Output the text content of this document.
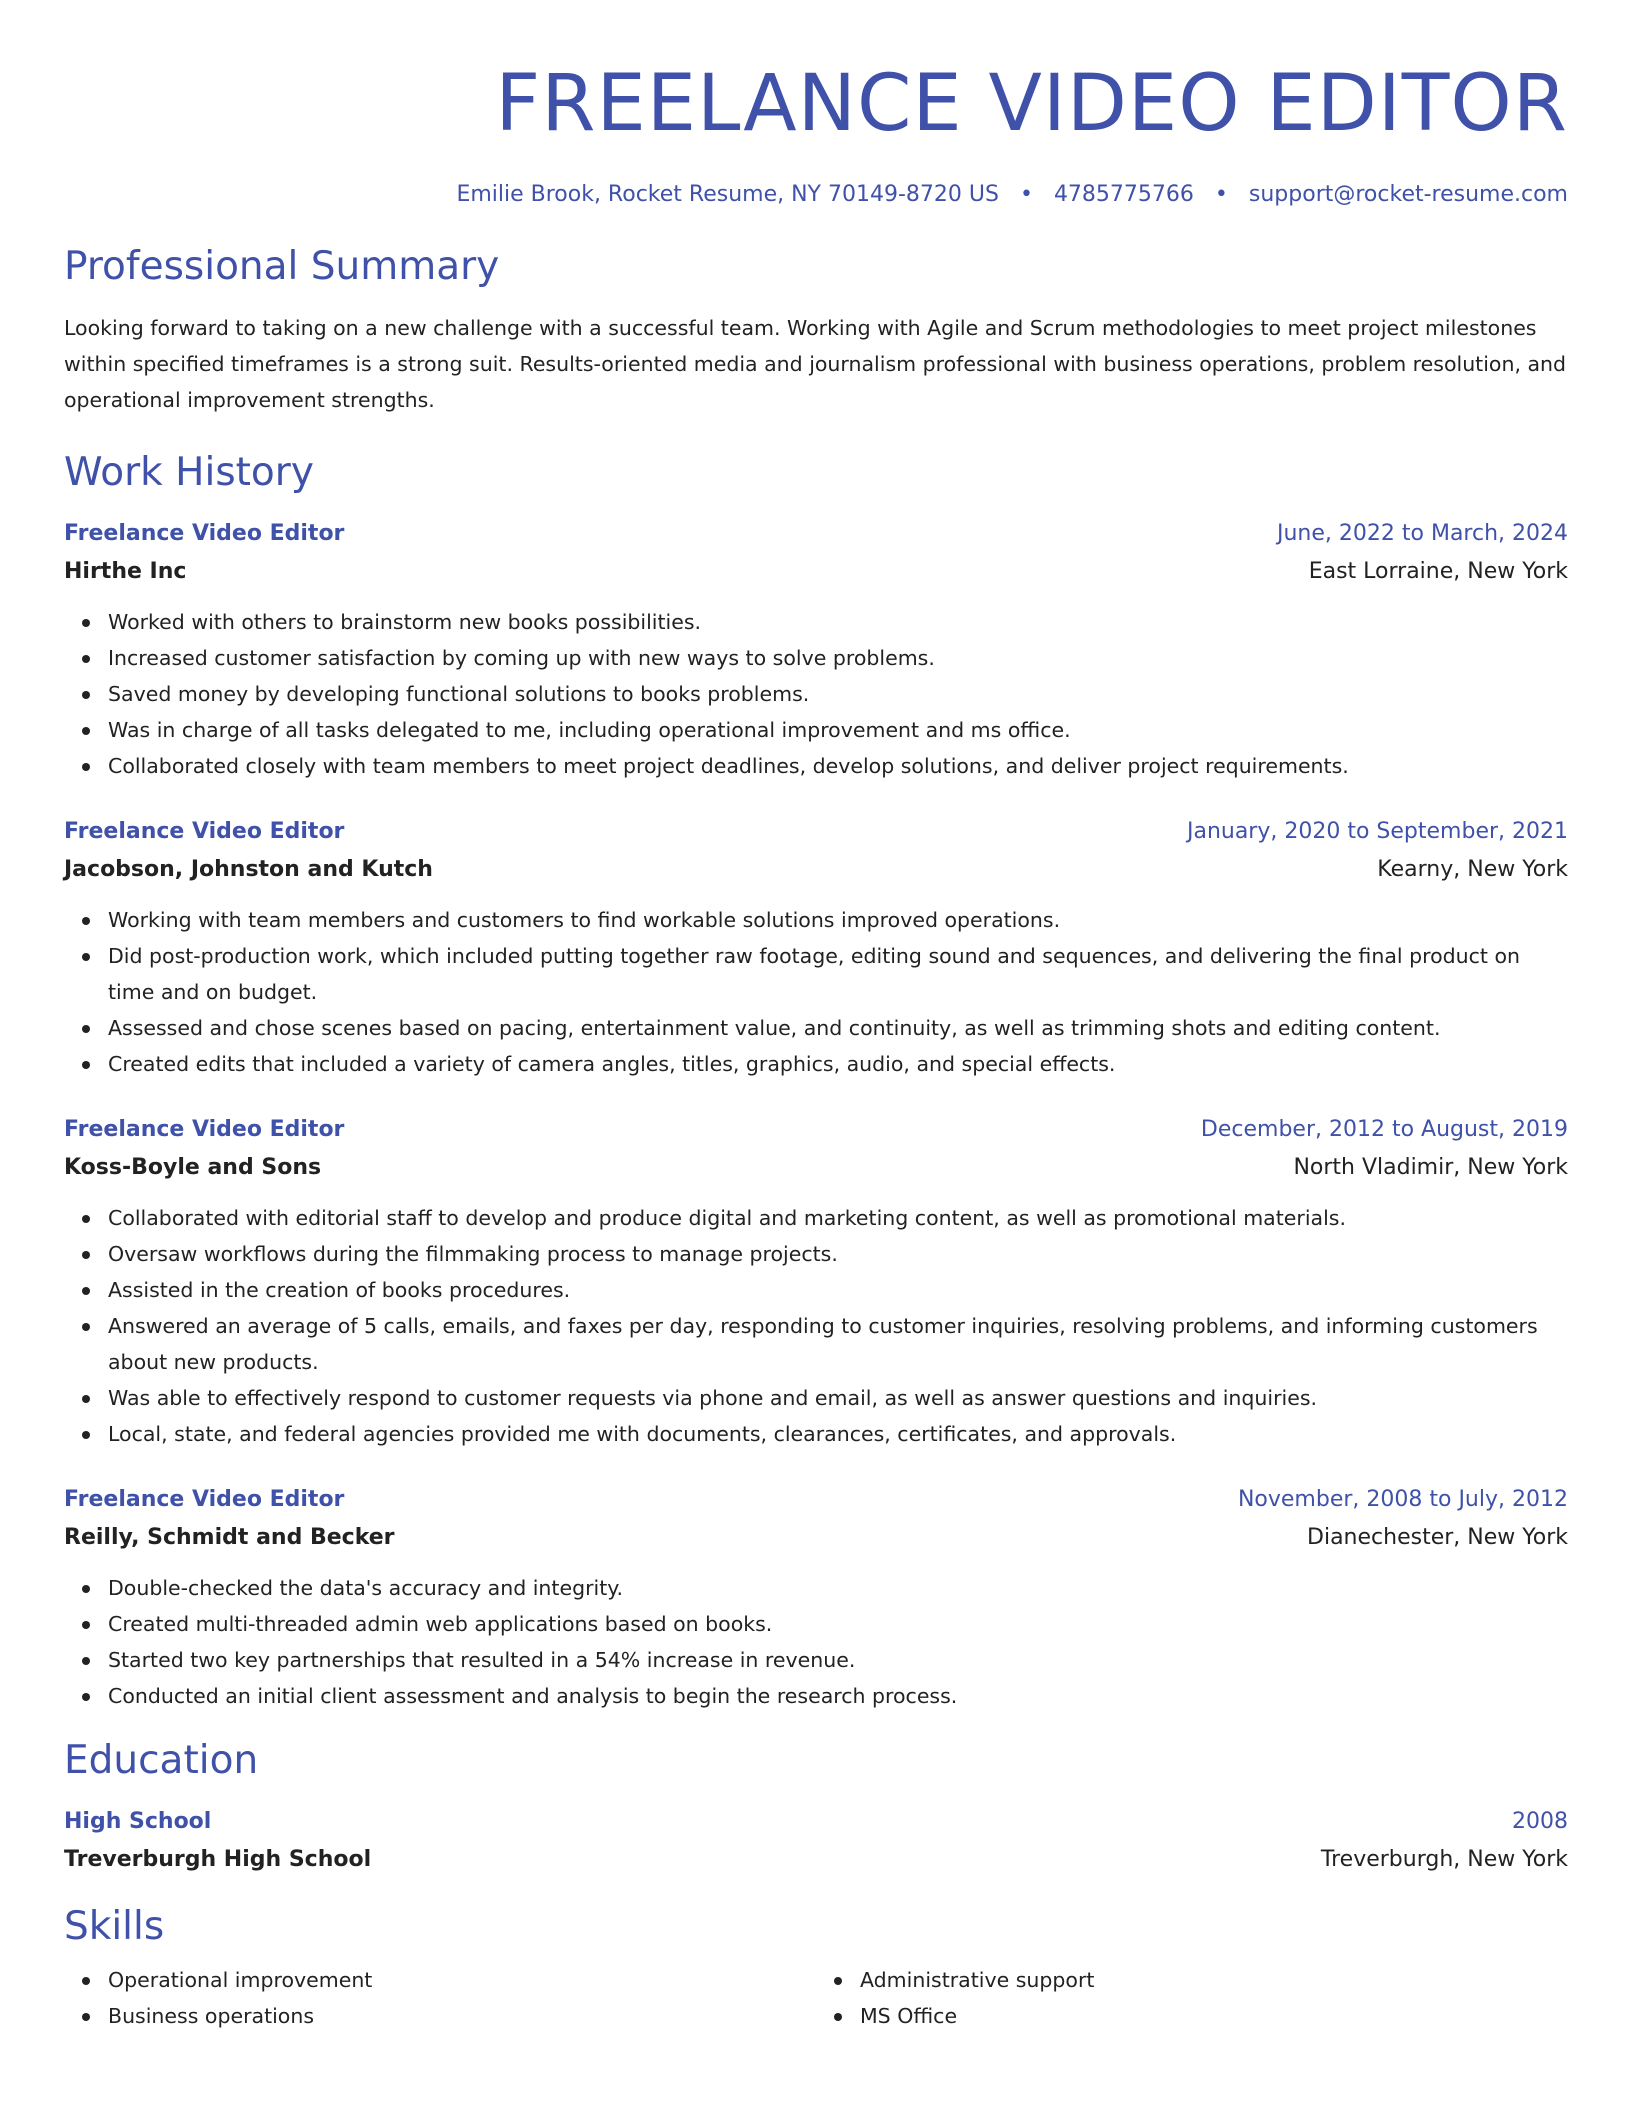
FREELANCE VIDEO EDITOR
Emilie Brook, Rocket Resume, NY 70149-8720 US • 4785775766 • support@rocket-resume.com
Professional Summary

Looking forward to taking on a new challenge with a successful team. Working with Agile and Scrum methodologies to meet project milestones within specified timeframes is a strong suit. Results-oriented media and journalism professional with business operations, problem resolution, and operational improvement strengths.

Work History
Freelance Video Editor	June, 2022 to March, 2024
Hirthe Inc	East Lorraine, New York
Worked with others to brainstorm new books possibilities.
Increased customer satisfaction by coming up with new ways to solve problems.
Saved money by developing functional solutions to books problems.
Was in charge of all tasks delegated to me, including operational improvement and ms office.
Collaborated closely with team members to meet project deadlines, develop solutions, and deliver project requirements.
Freelance Video Editor	January, 2020 to September, 2021
Jacobson, Johnston and Kutch	Kearny, New York
Working with team members and customers to find workable solutions improved operations.
Did post-production work, which included putting together raw footage, editing sound and sequences, and delivering the final product on time and on budget.
Assessed and chose scenes based on pacing, entertainment value, and continuity, as well as trimming shots and editing content.
Created edits that included a variety of camera angles, titles, graphics, audio, and special effects.
Freelance Video Editor	December, 2012 to August, 2019
Koss-Boyle and Sons	North Vladimir, New York
Collaborated with editorial staff to develop and produce digital and marketing content, as well as promotional materials.
Oversaw workflows during the filmmaking process to manage projects.
Assisted in the creation of books procedures.
Answered an average of 5 calls, emails, and faxes per day, responding to customer inquiries, resolving problems, and informing customers about new products.
Was able to effectively respond to customer requests via phone and email, as well as answer questions and inquiries.
Local, state, and federal agencies provided me with documents, clearances, certificates, and approvals.
Freelance Video Editor	November, 2008 to July, 2012
Reilly, Schmidt and Becker	Dianechester, New York
Double-checked the data's accuracy and integrity.
Created multi-threaded admin web applications based on books.
Started two key partnerships that resulted in a 54% increase in revenue.
Conducted an initial client assessment and analysis to begin the research process.
Education
High School	2008
Treverburgh High School	Treverburgh, New York
Skills
Operational improvement
Business operations
Administrative support
MS Office
